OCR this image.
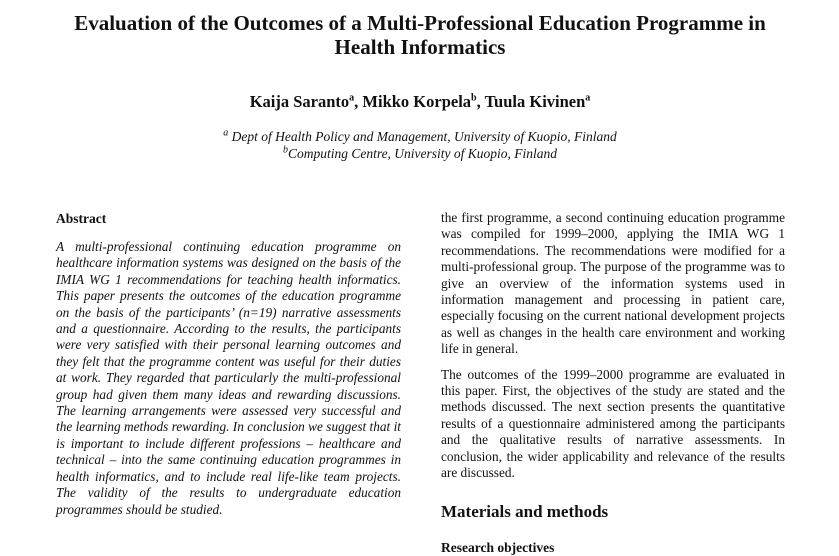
Evaluation of the Outcomes of a Multi-Professional Education Programme in Health Informatics

Kaija Saranto$^a$, Mikko Korpela$^b$, Tuula Kivinen$^a$

$^a$ Dept of Health Policy and Management, University of Kuopio, Finland

$^b$Computing Centre, University of Kuopio, Finland

Abstract

A multi-professional continuing education programme on healthcare information systems was designed on the basis of the IMIA WG 1 recommendations for teaching health informatics. This paper presents the outcomes of the education programme on the basis of the participants’ (n=19) narrative assessments and a questionnaire. According to the results, the participants were very satisfied with their personal learning outcomes and they felt that the programme content was useful for their duties at work. They regarded that particularly the multi-professional group had given them many ideas and rewarding discussions. The learning arrangements were assessed very successful and the learning methods rewarding. In conclusion we suggest that it is important to include different professions – healthcare and technical – into the same continuing education programmes in health informatics, and to include real life-like team projects. The validity of the results to undergraduate education programmes should be studied.

the first programme, a second continuing education programme was compiled for 1999–2000, applying the IMIA WG 1 recommendations. The recommendations were modified for a multi-professional group. The purpose of the programme was to give an overview of the information systems used in information management and processing in patient care, especially focusing on the current national development projects as well as changes in the health care environment and working life in general.

The outcomes of the 1999–2000 programme are evaluated in this paper. First, the objectives of the study are stated and the methods discussed. The next section presents the quantitative results of a questionnaire administered among the participants and the qualitative results of narrative assessments. In conclusion, the wider applicability and relevance of the results are discussed.

Materials and methods
Research objectives
